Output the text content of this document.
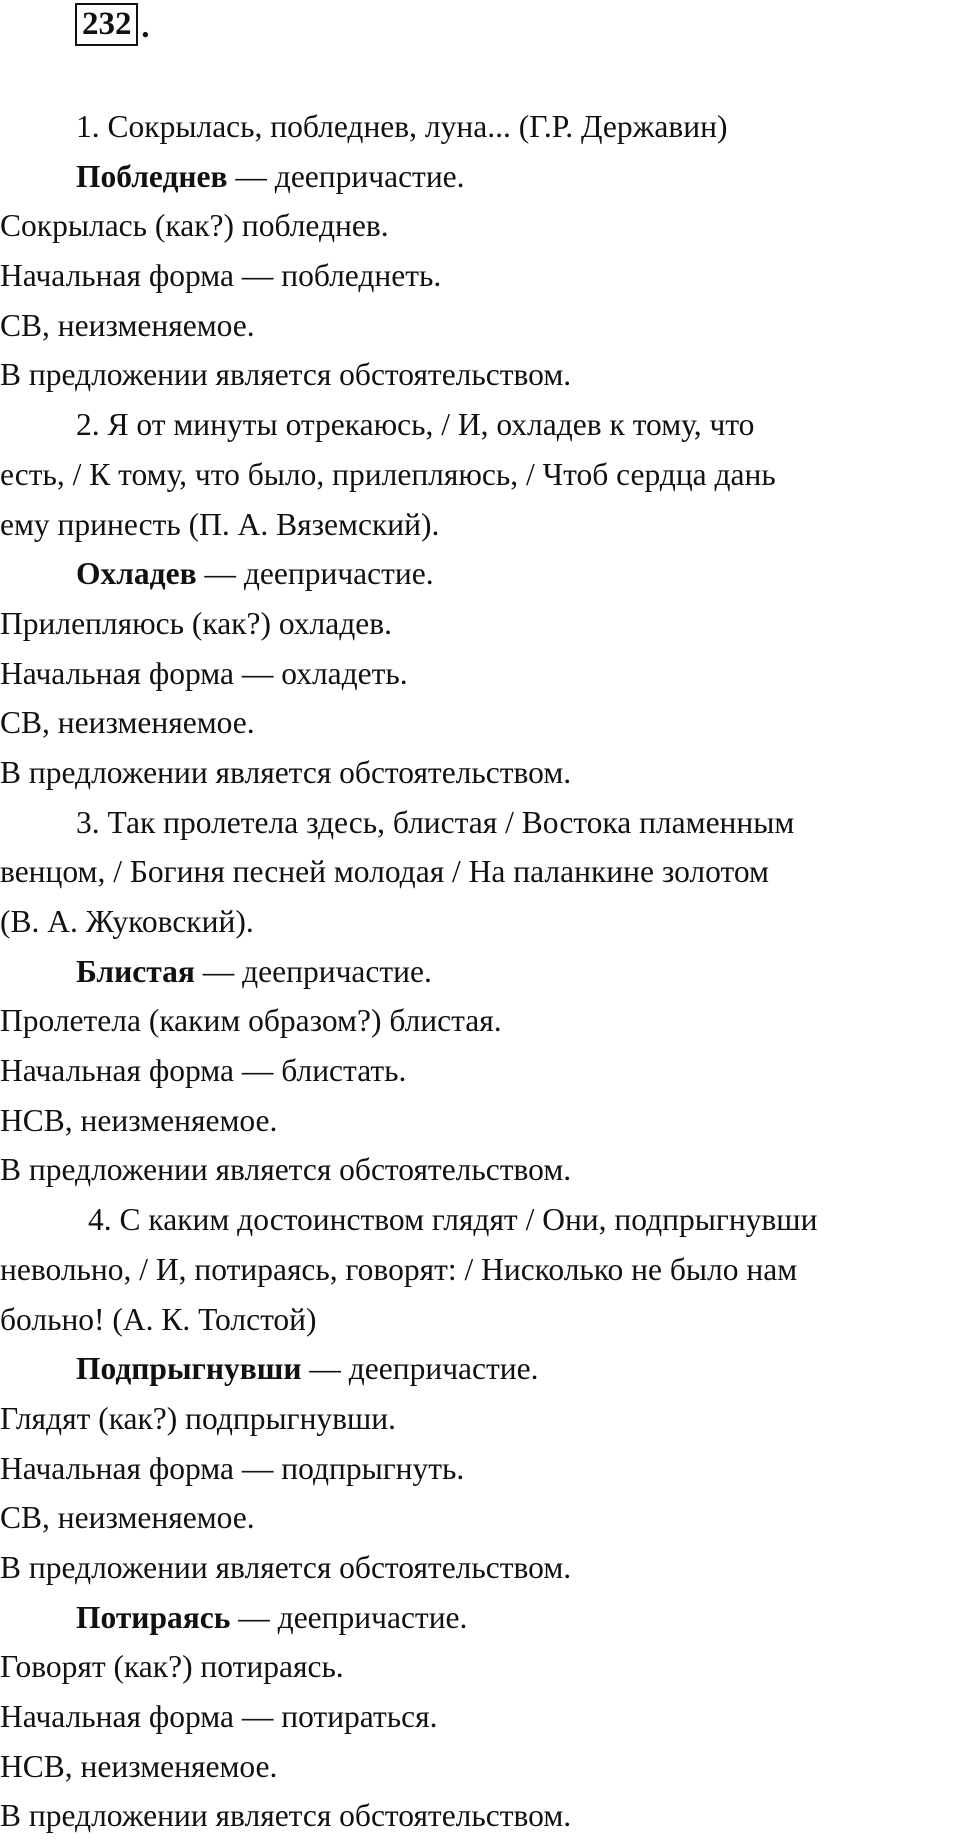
232 .

1. Сокрылась, побледнев, луна... (Г.Р. Державин)

Побледнев — деепричастие.

Сокрылась (как?) побледнев.

Начальная форма — побледнеть.

СВ, неизменяемое.

В предложении является обстоятельством.

2. Я от минуты отрекаюсь, / И, охладев к тому, что

есть, / К тому, что было, прилепляюсь, / Чтоб сердца дань

ему принесть (П. А. Вяземский).

Охладев — деепричастие.

Прилепляюсь (как?) охладев.

Начальная форма — охладеть.

СВ, неизменяемое.

В предложении является обстоятельством.

3. Так пролетела здесь, блистая / Востока пламенным

венцом, / Богиня песней молодая / На паланкине золотом

(В. А. Жуковский).

Блистая — деепричастие.

Пролетела (каким образом?) блистая.

Начальная форма — блистать.

НСВ, неизменяемое.

В предложении является обстоятельством.

4. С каким достоинством глядят / Они, подпрыгнувши

невольно, / И, потираясь, говорят: / Нисколько не было нам

больно! (А. К. Толстой)

Подпрыгнувши — деепричастие.

Глядят (как?) подпрыгнувши.

Начальная форма — подпрыгнуть.

СВ, неизменяемое.

В предложении является обстоятельством.

Потираясь — деепричастие.

Говорят (как?) потираясь.

Начальная форма — потираться.

НСВ, неизменяемое.

В предложении является обстоятельством.
